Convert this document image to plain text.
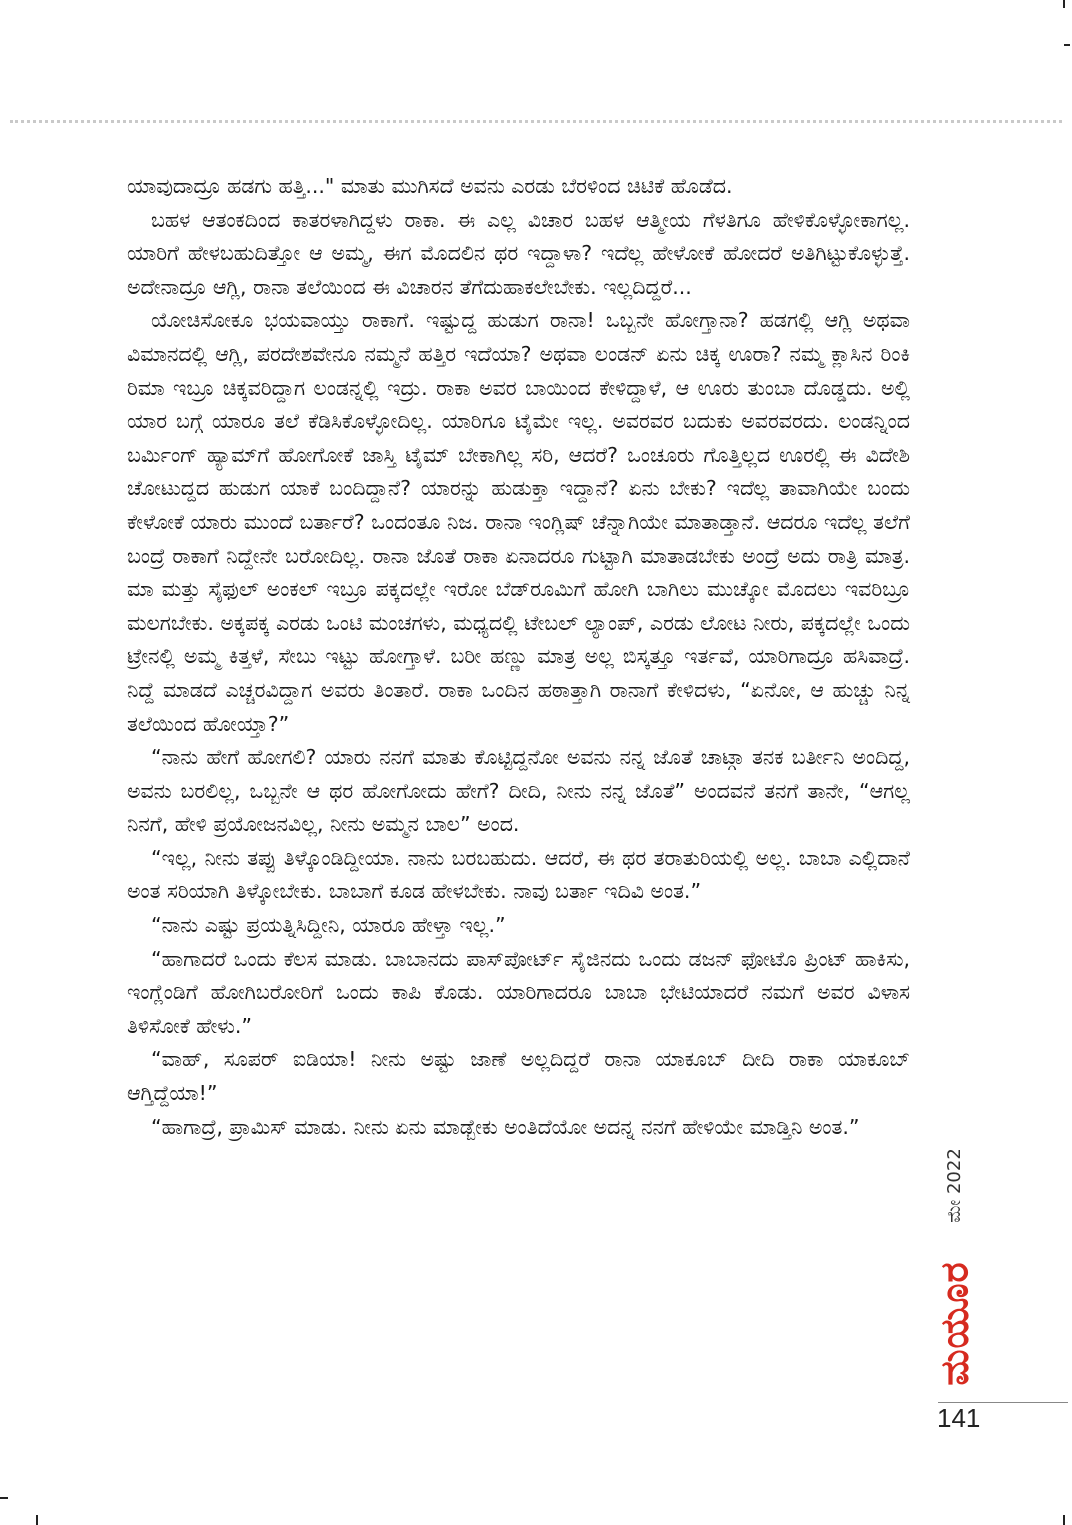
ಯಾವುದಾದ್ರೂ ಹಡಗು ಹತ್ತಿ..." ಮಾತು ಮುಗಿಸದೆ ಅವನು ಎರಡು ಬೆರಳಿಂದ ಚಿಟಿಕೆ ಹೊಡೆದ.

ಬಹಳ ಆತಂಕದಿಂದ ಕಾತರಳಾಗಿದ್ದಳು ರಾಕಾ. ಈ ಎಲ್ಲ ವಿಚಾರ ಬಹಳ ಆತ್ಮೀಯ ಗೆಳತಿಗೂ ಹೇಳಿಕೊಳ್ಳೋಕಾಗಲ್ಲ. ಯಾರಿಗೆ ಹೇಳಬಹುದಿತ್ತೋ ಆ ಅಮ್ಮ, ಈಗ ಮೊದಲಿನ ಥರ ಇದ್ದಾಳಾ? ಇದೆಲ್ಲ ಹೇಳೋಕೆ ಹೋದರೆ ಅತಿಗಿಟ್ಟುಕೊಳ್ಳುತ್ತೆ. ಅದೇನಾದ್ರೂ ಆಗ್ಲಿ, ರಾನಾ ತಲೆಯಿಂದ ಈ ವಿಚಾರನ ತೆಗೆದುಹಾಕಲೇಬೇಕು. ಇಲ್ಲದಿದ್ದರೆ...

ಯೋಚಿಸೋಕೂ ಭಯವಾಯ್ತು ರಾಕಾಗೆ. ಇಷ್ಟುದ್ದ ಹುಡುಗ ರಾನಾ! ಒಬ್ಬನೇ ಹೋಗ್ತಾನಾ? ಹಡಗಲ್ಲಿ ಆಗ್ಲಿ ಅಥವಾ ವಿಮಾನದಲ್ಲಿ ಆಗ್ಲಿ, ಪರದೇಶವೇನೂ ನಮ್ಮನೆ ಹತ್ತಿರ ಇದೆಯಾ? ಅಥವಾ ಲಂಡನ್ ಏನು ಚಿಕ್ಕ ಊರಾ? ನಮ್ಮ ಕ್ಲಾಸಿನ ರಿಂಕಿ ರಿಮಾ ಇಬ್ರೂ ಚಿಕ್ಕವರಿದ್ದಾಗ ಲಂಡನ್ನಲ್ಲಿ ಇದ್ರು. ರಾಕಾ ಅವರ ಬಾಯಿಂದ ಕೇಳಿದ್ದಾಳೆ, ಆ ಊರು ತುಂಬಾ ದೊಡ್ಡದು. ಅಲ್ಲಿ ಯಾರ ಬಗ್ಗೆ ಯಾರೂ ತಲೆ ಕೆಡಿಸಿಕೊಳ್ಳೋದಿಲ್ಲ. ಯಾರಿಗೂ ಟೈಮೇ ಇಲ್ಲ. ಅವರವರ ಬದುಕು ಅವರವರದು. ಲಂಡನ್ನಿಂದ ಬರ್ಮಿಂಗ್ ಹ್ಯಾಮ್‌ಗೆ ಹೋಗೋಕೆ ಜಾಸ್ತಿ ಟೈಮ್ ಬೇಕಾಗಿಲ್ಲ ಸರಿ, ಆದರೆ? ಒಂಚೂರು ಗೊತ್ತಿಲ್ಲದ ಊರಲ್ಲಿ ಈ ವಿದೇಶಿ ಚೋಟುದ್ದದ ಹುಡುಗ ಯಾಕೆ ಬಂದಿದ್ದಾನೆ? ಯಾರನ್ನು ಹುಡುಕ್ತಾ ಇದ್ದಾನೆ? ಏನು ಬೇಕು? ಇದೆಲ್ಲ ತಾವಾಗಿಯೇ ಬಂದು ಕೇಳೋಕೆ ಯಾರು ಮುಂದೆ ಬರ್ತಾರೆ? ಒಂದಂತೂ ನಿಜ. ರಾನಾ ಇಂಗ್ಲಿಷ್ ಚೆನ್ನಾಗಿಯೇ ಮಾತಾಡ್ತಾನೆ. ಆದರೂ ಇದೆಲ್ಲ ತಲೆಗೆ ಬಂದ್ರೆ ರಾಕಾಗೆ ನಿದ್ದೇನೇ ಬರೋದಿಲ್ಲ. ರಾನಾ ಜೊತೆ ರಾಕಾ ಏನಾದರೂ ಗುಟ್ಟಾಗಿ ಮಾತಾಡಬೇಕು ಅಂದ್ರೆ ಅದು ರಾತ್ರಿ ಮಾತ್ರ. ಮಾ ಮತ್ತು ಸೈಫುಲ್ ಅಂಕಲ್ ಇಬ್ರೂ ಪಕ್ಕದಲ್ಲೇ ಇರೋ ಬೆಡ್‌ರೂಮಿಗೆ ಹೋಗಿ ಬಾಗಿಲು ಮುಚ್ಕೋ ಮೊದಲು ಇವರಿಬ್ರೂ ಮಲಗಬೇಕು. ಅಕ್ಕಪಕ್ಕ ಎರಡು ಒಂಟಿ ಮಂಚಗಳು, ಮಧ್ಯದಲ್ಲಿ ಟೇಬಲ್ ಲ್ಯಾಂಪ್, ಎರಡು ಲೋಟ ನೀರು, ಪಕ್ಕದಲ್ಲೇ ಒಂದು ಟ್ರೇನಲ್ಲಿ ಅಮ್ಮ ಕಿತ್ತಳೆ, ಸೇಬು ಇಟ್ಟು ಹೋಗ್ತಾಳೆ. ಬರೀ ಹಣ್ಣು ಮಾತ್ರ ಅಲ್ಲ ಬಿಸ್ಕತ್ತೂ ಇರ್ತವೆ, ಯಾರಿಗಾದ್ರೂ ಹಸಿವಾದ್ರೆ. ನಿದ್ದೆ ಮಾಡದೆ ಎಚ್ಚರವಿದ್ದಾಗ ಅವರು ತಿಂತಾರೆ. ರಾಕಾ ಒಂದಿನ ಹಠಾತ್ತಾಗಿ ರಾನಾಗೆ ಕೇಳಿದಳು, “ಏನೋ, ಆ ಹುಚ್ಚು ನಿನ್ನ ತಲೆಯಿಂದ ಹೋಯ್ತಾ?”

“ನಾನು ಹೇಗೆ ಹೋಗಲಿ? ಯಾರು ನನಗೆ ಮಾತು ಕೊಟ್ಟಿದ್ದನೋ ಅವನು ನನ್ನ ಜೊತೆ ಚಾಟ್ಗಾ ತನಕ ಬರ್ತೀನಿ ಅಂದಿದ್ದ, ಅವನು ಬರಲಿಲ್ಲ, ಒಬ್ಬನೇ ಆ ಥರ ಹೋಗೋದು ಹೇಗೆ? ದೀದಿ, ನೀನು ನನ್ನ ಜೊತೆ” ಅಂದವನೆ ತನಗೆ ತಾನೇ, “ಆಗಲ್ಲ ನಿನಗೆ, ಹೇಳಿ ಪ್ರಯೋಜನವಿಲ್ಲ, ನೀನು ಅಮ್ಮನ ಬಾಲ” ಅಂದ.

“ಇಲ್ಲ, ನೀನು ತಪ್ಪು ತಿಳ್ಕೊಂಡಿದ್ದೀಯಾ. ನಾನು ಬರಬಹುದು. ಆದರೆ, ಈ ಥರ ತರಾತುರಿಯಲ್ಲಿ ಅಲ್ಲ. ಬಾಬಾ ಎಲ್ಲಿದಾನೆ ಅಂತ ಸರಿಯಾಗಿ ತಿಳ್ಕೋಬೇಕು. ಬಾಬಾಗೆ ಕೂಡ ಹೇಳಬೇಕು. ನಾವು ಬರ್ತಾ ಇದಿವಿ ಅಂತ.”

“ನಾನು ಎಷ್ಟು ಪ್ರಯತ್ನಿಸಿದ್ದೀನಿ, ಯಾರೂ ಹೇಳ್ತಾ ಇಲ್ಲ.”

“ಹಾಗಾದರೆ ಒಂದು ಕೆಲಸ ಮಾಡು. ಬಾಬಾನದು ಪಾಸ್‌ಪೋರ್ಟ್ ಸೈಜಿನದು ಒಂದು ಡಜನ್ ಫೋಟೊ ಪ್ರಿಂಟ್ ಹಾಕಿಸು, ಇಂಗ್ಲೆಂಡಿಗೆ ಹೋಗಿಬರೋರಿಗೆ ಒಂದು ಕಾಪಿ ಕೊಡು. ಯಾರಿಗಾದರೂ ಬಾಬಾ ಭೇಟಿಯಾದರೆ ನಮಗೆ ಅವರ ವಿಳಾಸ ತಿಳಿಸೋಕೆ ಹೇಳು.”

“ವಾಹ್, ಸೂಪರ್ ಐಡಿಯಾ! ನೀನು ಅಷ್ಟು ಜಾಣೆ ಅಲ್ಲದಿದ್ದರೆ ರಾನಾ ಯಾಕೂಬ್ ದೀದಿ ರಾಕಾ ಯಾಕೂಬ್ ಆಗ್ತಿದ್ದೆಯಾ!”

“ಹಾಗಾದ್ರೆ, ಪ್ರಾಮಿಸ್ ಮಾಡು. ನೀನು ಏನು ಮಾಡ್ಬೇಕು ಅಂತಿದೆಯೋ ಅದನ್ನ ನನಗೆ ಹೇಳಿಯೇ ಮಾಡ್ತಿನಿ ಅಂತ.”

ಮೇ 2022
ಮಯೂರ
141
